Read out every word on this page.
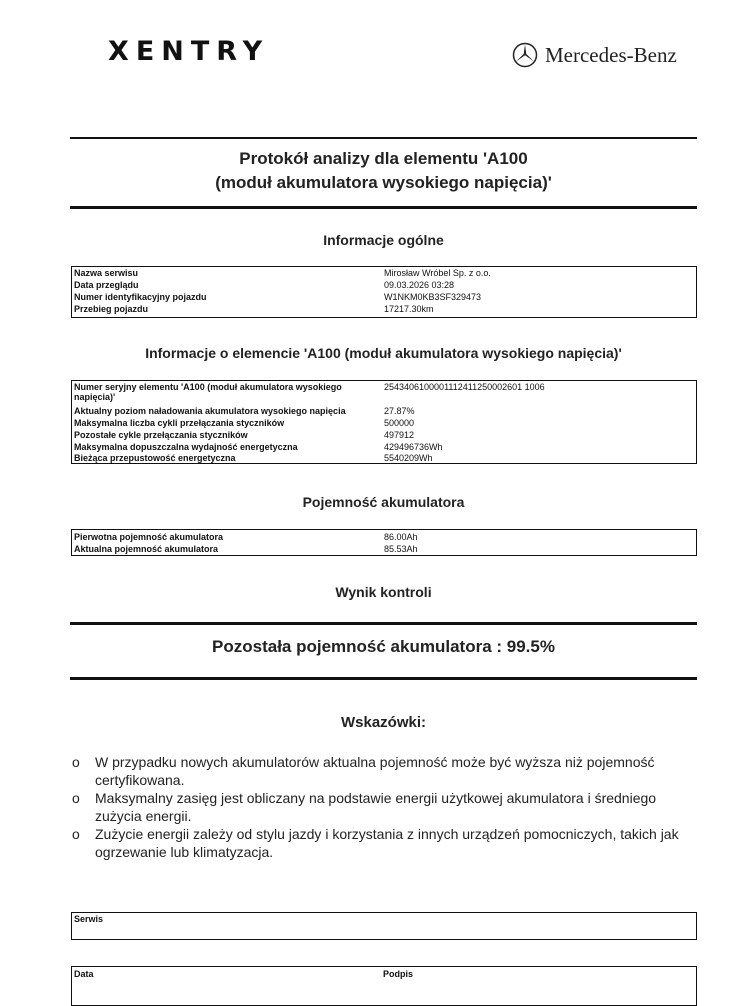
XENTRY	Mercedes-Benz
Protokół analizy dla elementu 'A100
(moduł akumulatora wysokiego napięcia)'
Informacje ogólne
Nazwa serwisu	Mirosław Wróbel Sp. z o.o.
Data przeglądu	09.03.2026 03:28
Numer identyfikacyjny pojazdu	W1NKM0KB3SF329473
Przebieg pojazdu	17217.30km
Informacje o elemencie 'A100 (moduł akumulatora wysokiego napięcia)'
Numer seryjny elementu 'A100 (moduł akumulatora wysokiego napięcia)'
2543406100001112411250002601 1006
Aktualny poziom naładowania akumulatora wysokiego napięcia	27.87%
Maksymalna liczba cykli przełączania styczników	500000
Pozostałe cykle przełączania styczników	497912
Maksymalna dopuszczalna wydajność energetyczna	429496736Wh
Bieżąca przepustowość energetyczna	5540209Wh
Pojemność akumulatora
Pierwotna pojemność akumulatora	86.00Ah
Aktualna pojemność akumulatora	85.53Ah
Wynik kontroli
Pozostała pojemność akumulatora : 99.5%
Wskazówki:
o W przypadku nowych akumulatorów aktualna pojemność może być wyższa niż pojemność certyfikowana.
o Maksymalny zasięg jest obliczany na podstawie energii użytkowej akumulatora i średniego zużycia energii.
o Zużycie energii zależy od stylu jazdy i korzystania z innych urządzeń pomocniczych, takich jak ogrzewanie lub klimatyzacja.
Serwis
Data	Podpis
